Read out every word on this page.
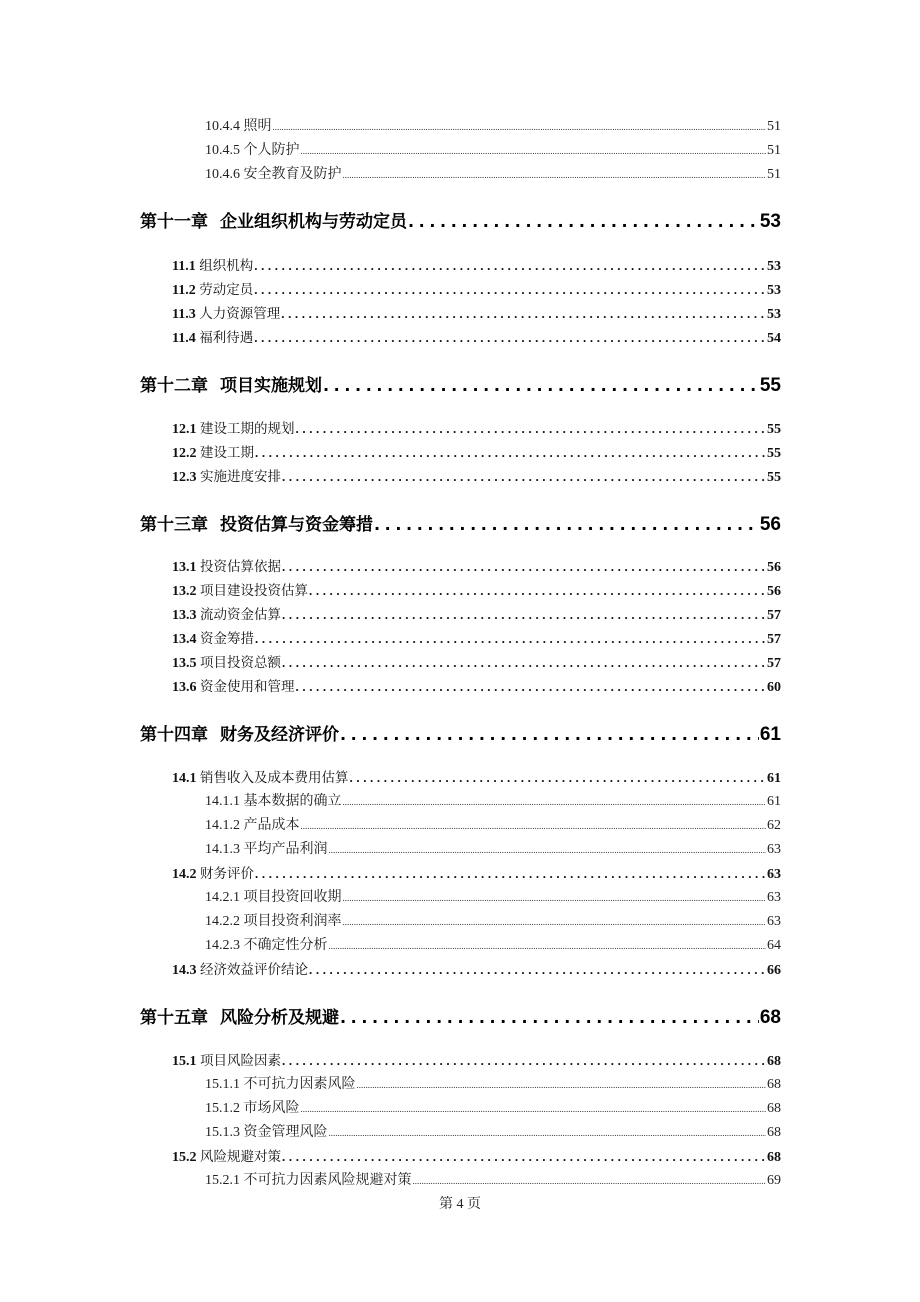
10.4.4 照明 .....	51
10.4.5 个人防护 .....	51
10.4.6 安全教育及防护 .....	51
第十一章 企业组织机构与劳动定员 .....	53
11.1 组织机构 .....	53
11.2 劳动定员 .....	53
11.3 人力资源管理 .....	53
11.4 福利待遇 .....	54
第十二章 项目实施规划 .....	55
12.1 建设工期的规划 .....	55
12.2 建设工期 .....	55
12.3 实施进度安排 .....	55
第十三章 投资估算与资金筹措 .....	56
13.1 投资估算依据 .....	56
13.2 项目建设投资估算 .....	56
13.3 流动资金估算 .....	57
13.4 资金筹措 .....	57
13.5 项目投资总额 .....	57
13.6 资金使用和管理 .....	60
第十四章 财务及经济评价 .....	61
14.1 销售收入及成本费用估算 .....	61
14.1.1 基本数据的确立 .....	61
14.1.2 产品成本 .....	62
14.1.3 平均产品利润 .....	63
14.2 财务评价 .....	63
14.2.1 项目投资回收期 .....	63
14.2.2 项目投资利润率 .....	63
14.2.3 不确定性分析 .....	64
14.3 经济效益评价结论 .....	66
第十五章 风险分析及规避 .....	68
15.1 项目风险因素 .....	68
15.1.1 不可抗力因素风险 .....	68
15.1.2 市场风险 .....	68
15.1.3 资金管理风险 .....	68
15.2 风险规避对策 .....	68
15.2.1 不可抗力因素风险规避对策 .....	69
第 4 页
